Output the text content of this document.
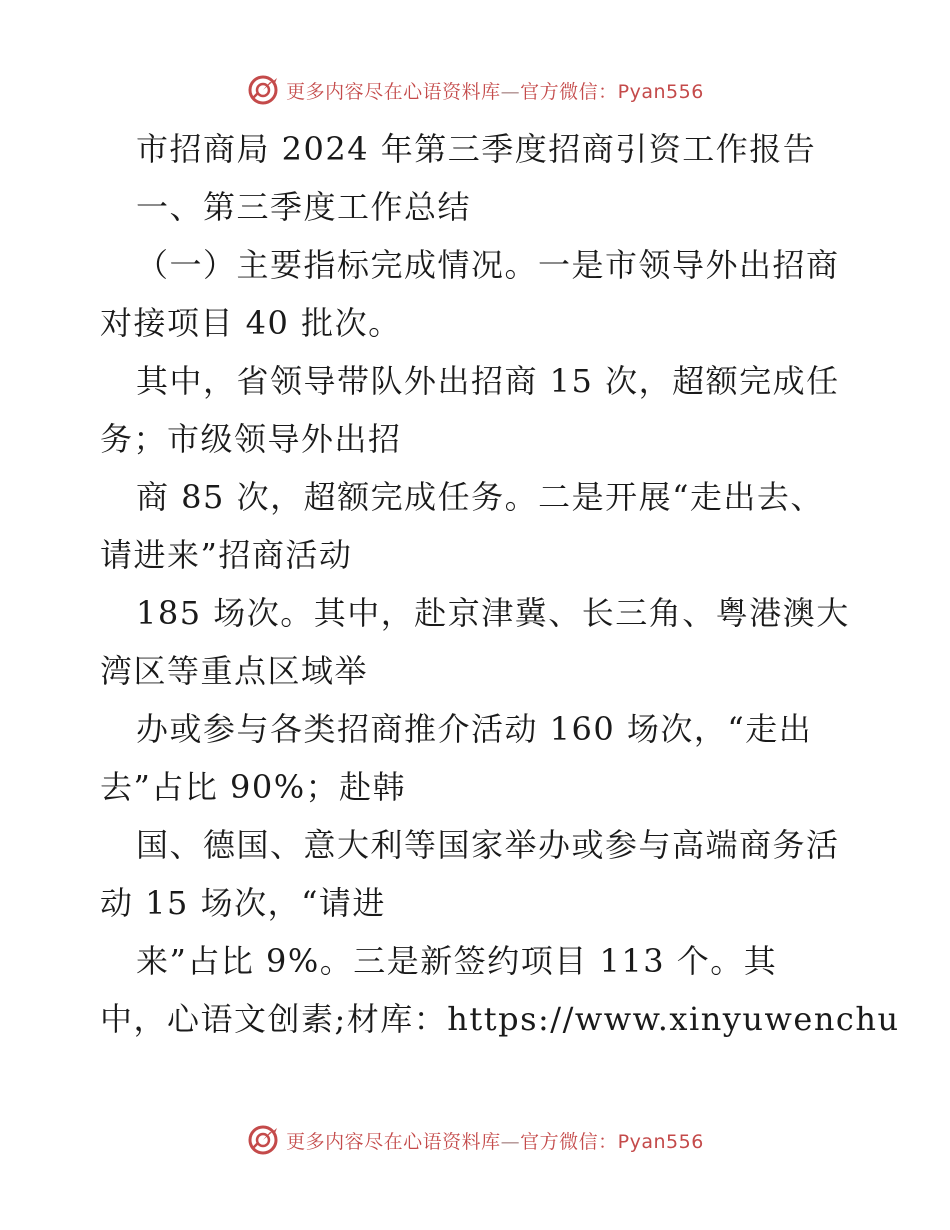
更多内容尽在心语资料库—官方微信：Pyan556
市招商局 2024 年第三季度招商引资工作报告
一、第三季度工作总结
（一）主要指标完成情况。一是市领导外出招商
对接项目 40 批次。
其中，省领导带队外出招商 15 次，超额完成任
务；市级领导外出招
商 85 次，超额完成任务。二是开展“走出去、
请进来”招商活动
185 场次。其中，赴京津冀、长三角、粤港澳大
湾区等重点区域举
办或参与各类招商推介活动 160 场次，“走出
去”占比 90%；赴韩
国、德国、意大利等国家举办或参与高端商务活
动 15 场次，“请进
来”占比 9%。三是新签约项目 113 个。其
中，心语文创素;材库：https://www.xinyuwenchu
更多内容尽在心语资料库—官方微信：Pyan556
